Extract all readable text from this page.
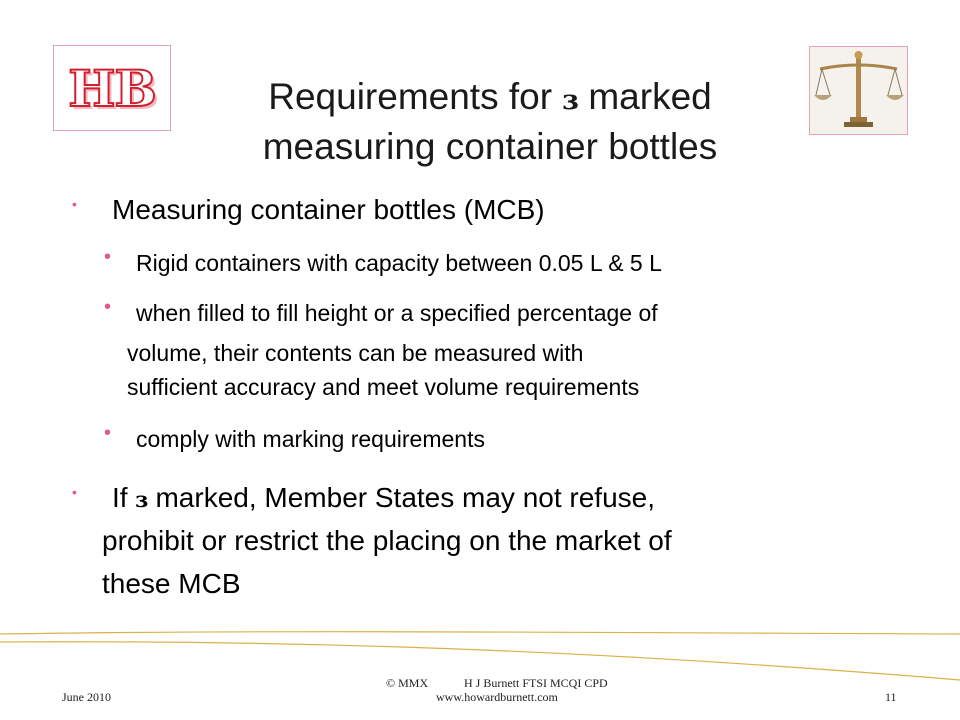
HB	Requirements for ɜ marked
measuring container bottles
• Measuring container bottles (MCB)
• Rigid containers with capacity between 0.05 L & 5 L
• when filled to fill height or a specified percentage of
volume, their contents can be measured with
sufficient accuracy and meet volume requirements
• comply with marking requirements
• If ɜ marked, Member States may not refuse,
prohibit or restrict the placing on the market of
these MCB
June 2010
© MMX	H J Burnett FTSI MCQI CPD
www.howardburnett.com	11
